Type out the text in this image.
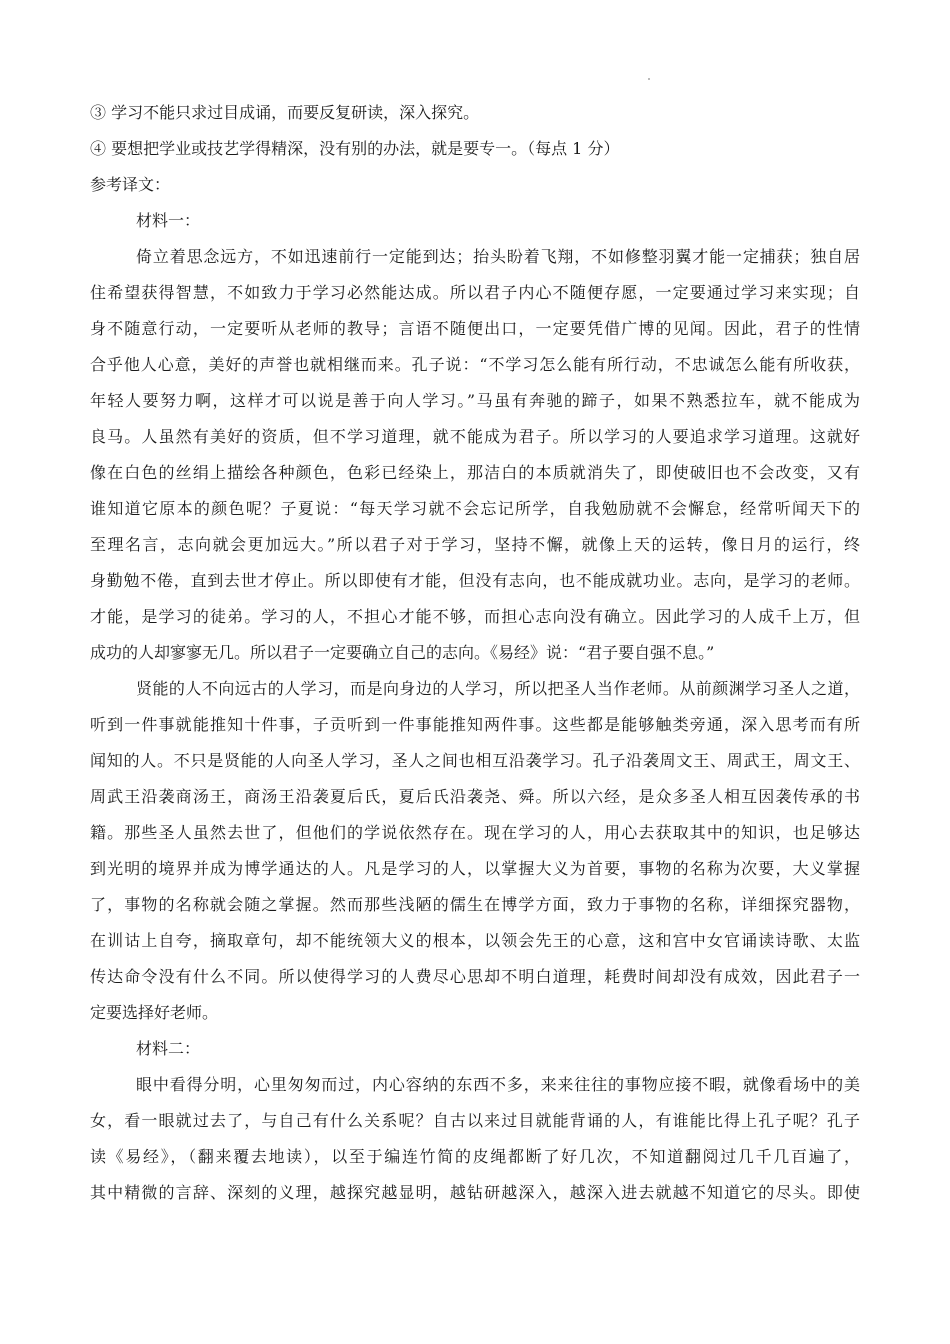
③ 学习不能只求过目成诵，而要反复研读，深入探究。
④ 要想把学业或技艺学得精深，没有别的办法，就是要专一。（每点 1 分）
参考译文：
材料一：
倚立着思念远方，不如迅速前行一定能到达；抬头盼着飞翔，不如修整羽翼才能一定捕获；独自居
住希望获得智慧，不如致力于学习必然能达成。所以君子内心不随便存愿，一定要通过学习来实现；自
身不随意行动，一定要听从老师的教导；言语不随便出口，一定要凭借广博的见闻。因此，君子的性情
合乎他人心意，美好的声誉也就相继而来。孔子说：“不学习怎么能有所行动，不忠诚怎么能有所收获，
年轻人要努力啊，这样才可以说是善于向人学习。”马虽有奔驰的蹄子，如果不熟悉拉车，就不能成为
良马。人虽然有美好的资质，但不学习道理，就不能成为君子。所以学习的人要追求学习道理。这就好
像在白色的丝绢上描绘各种颜色，色彩已经染上，那洁白的本质就消失了，即使破旧也不会改变，又有
谁知道它原本的颜色呢？子夏说：“每天学习就不会忘记所学，自我勉励就不会懈怠，经常听闻天下的
至理名言，志向就会更加远大。”所以君子对于学习，坚持不懈，就像上天的运转，像日月的运行，终
身勤勉不倦，直到去世才停止。所以即使有才能，但没有志向，也不能成就功业。志向，是学习的老师。
才能，是学习的徒弟。学习的人，不担心才能不够，而担心志向没有确立。因此学习的人成千上万，但
成功的人却寥寥无几。所以君子一定要确立自己的志向。《易经》说：“君子要自强不息。”
贤能的人不向远古的人学习，而是向身边的人学习，所以把圣人当作老师。从前颜渊学习圣人之道，
听到一件事就能推知十件事，子贡听到一件事能推知两件事。这些都是能够触类旁通，深入思考而有所
闻知的人。不只是贤能的人向圣人学习，圣人之间也相互沿袭学习。孔子沿袭周文王、周武王，周文王、
周武王沿袭商汤王，商汤王沿袭夏后氏，夏后氏沿袭尧、舜。所以六经，是众多圣人相互因袭传承的书
籍。那些圣人虽然去世了，但他们的学说依然存在。现在学习的人，用心去获取其中的知识，也足够达
到光明的境界并成为博学通达的人。凡是学习的人，以掌握大义为首要，事物的名称为次要，大义掌握
了，事物的名称就会随之掌握。然而那些浅陋的儒生在博学方面，致力于事物的名称，详细探究器物，
在训诂上自夸，摘取章句，却不能统领大义的根本，以领会先王的心意，这和宫中女官诵读诗歌、太监
传达命令没有什么不同。所以使得学习的人费尽心思却不明白道理，耗费时间却没有成效，因此君子一
定要选择好老师。
材料二：
眼中看得分明，心里匆匆而过，内心容纳的东西不多，来来往往的事物应接不暇，就像看场中的美
女，看一眼就过去了，与自己有什么关系呢？自古以来过目就能背诵的人，有谁能比得上孔子呢？孔子
读《易经》，（翻来覆去地读），以至于编连竹简的皮绳都断了好几次，不知道翻阅过几千几百遍了，
其中精微的言辞、深刻的义理，越探究越显明，越钻研越深入，越深入进去就越不知道它的尽头。即使
